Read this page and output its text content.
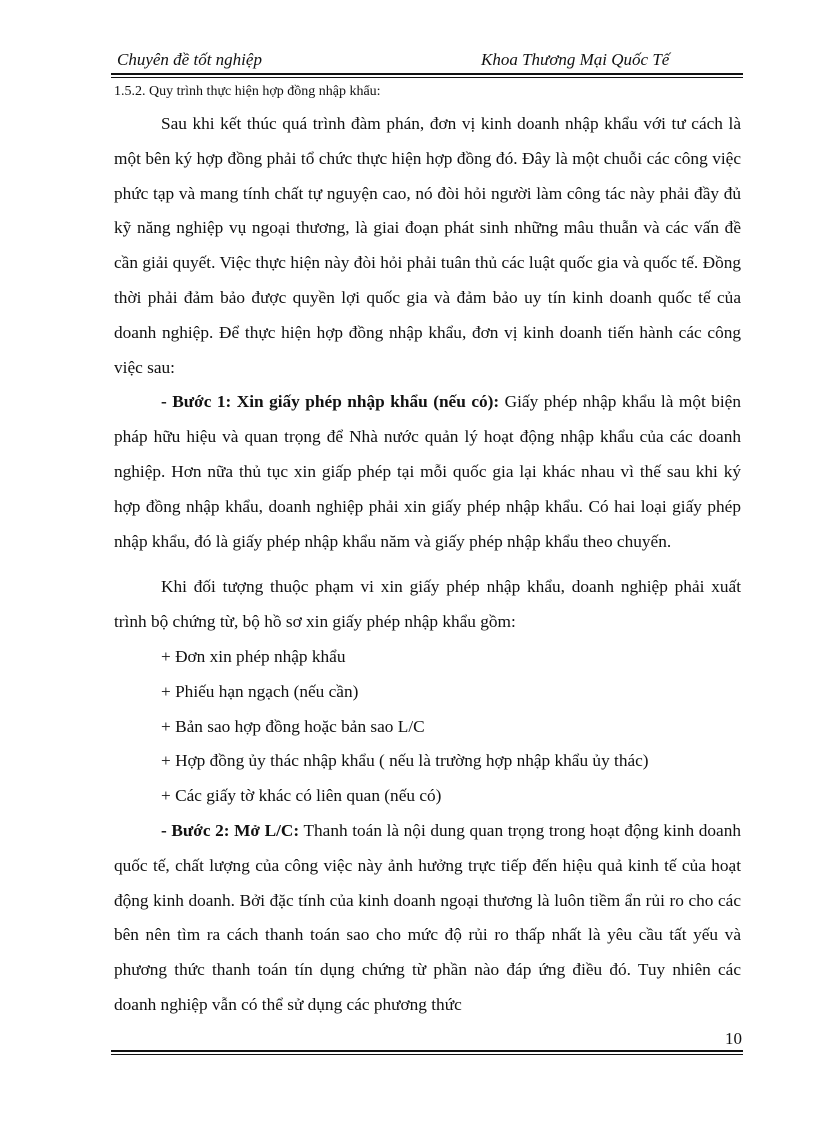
Chuyên đề tốt nghiệp	Khoa Thương Mại Quốc Tế
1.5.2. Quy trình thực hiện hợp đồng nhập khẩu:

Sau khi kết thúc quá trình đàm phán, đơn vị kinh doanh nhập khẩu với tư cách là một bên ký hợp đồng phải tổ chức thực hiện hợp đồng đó. Đây là một chuỗi các công việc phức tạp và mang tính chất tự nguyện cao, nó đòi hỏi người làm công tác này phải đầy đủ kỹ năng nghiệp vụ ngoại thương, là giai đoạn phát sinh những mâu thuẫn và các vấn đề cần giải quyết. Việc thực hiện này đòi hỏi phải tuân thủ các luật quốc gia và quốc tế. Đồng thời phải đảm bảo được quyền lợi quốc gia và đảm bảo uy tín kinh doanh quốc tế của doanh nghiệp. Để thực hiện hợp đồng nhập khẩu, đơn vị kinh doanh tiến hành các công việc sau:

- Bước 1: Xin giấy phép nhập khẩu (nếu có): Giấy phép nhập khẩu là một biện pháp hữu hiệu và quan trọng để Nhà nước quản lý hoạt động nhập khẩu của các doanh nghiệp. Hơn nữa thủ tục xin giấp phép tại mỗi quốc gia lại khác nhau vì thế sau khi ký hợp đồng nhập khẩu, doanh nghiệp phải xin giấy phép nhập khẩu. Có hai loại giấy phép nhập khẩu, đó là giấy phép nhập khẩu năm và giấy phép nhập khẩu theo chuyến.

Khi đối tượng thuộc phạm vi xin giấy phép nhập khẩu, doanh nghiệp phải xuất trình bộ chứng từ, bộ hồ sơ xin giấy phép nhập khẩu gồm:

+ Đơn xin phép nhập khẩu

+ Phiếu hạn ngạch (nếu cần)

+ Bản sao hợp đồng hoặc bản sao L/C

+ Hợp đồng ủy thác nhập khẩu ( nếu là trường hợp nhập khẩu ủy thác)

+ Các giấy tờ khác có liên quan (nếu có)

- Bước 2: Mở L/C: Thanh toán là nội dung quan trọng trong hoạt động kinh doanh quốc tế, chất lượng của công việc này ảnh hưởng trực tiếp đến hiệu quả kinh tế của hoạt động kinh doanh. Bởi đặc tính của kinh doanh ngoại thương là luôn tiềm ẩn rủi ro cho các bên nên tìm ra cách thanh toán sao cho mức độ rủi ro thấp nhất là yêu cầu tất yếu và phương thức thanh toán tín dụng chứng từ phần nào đáp ứng điều đó. Tuy nhiên các doanh nghiệp vẫn có thể sử dụng các phương thức

10
